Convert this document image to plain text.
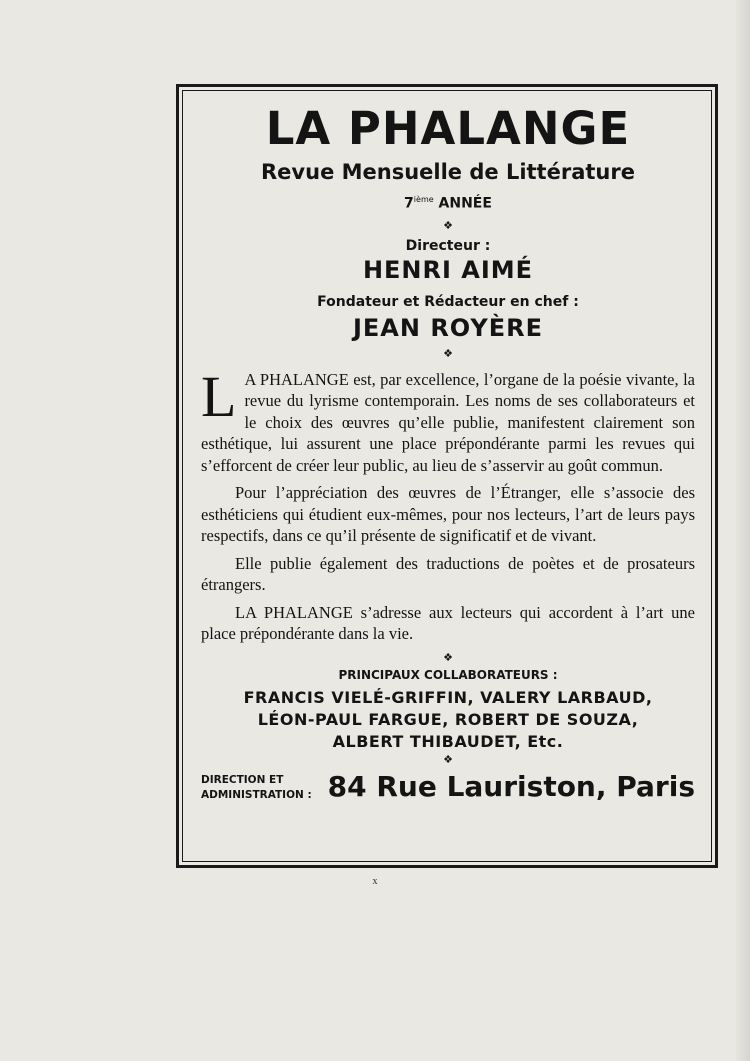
LA PHALANGE
Revue Mensuelle de Littérature
7ième ANNÉE
❖
Directeur :
HENRI AIMÉ
Fondateur et Rédacteur en chef :
JEAN ROYÈRE
❖

L A PHALANGE est, par excellence, l’organe de la poésie vivante, la revue du lyrisme contemporain. Les noms de ses collaborateurs et le choix des œuvres qu’elle publie, manifestent clairement son esthétique, lui assurent une place prépondérante parmi les revues qui s’efforcent de créer leur public, au lieu de s’asservir au goût commun.

Pour l’appréciation des œuvres de l’Étranger, elle s’associe des esthéticiens qui étudient eux-mêmes, pour nos lecteurs, l’art de leurs pays respectifs, dans ce qu’il présente de significatif et de vivant.

Elle publie également des traductions de poètes et de prosateurs étrangers.

LA PHALANGE s’adresse aux lecteurs qui accordent à l’art une place prépondérante dans la vie.

❖
PRINCIPAUX COLLABORATEURS :
FRANCIS VIELÉ-GRIFFIN, VALERY LARBAUD,
LÉON-PAUL FARGUE, ROBERT DE SOUZA,
ALBERT THIBAUDET, Etc.
❖
DIRECTION ET
ADMINISTRATION : 84 Rue Lauriston, Paris
x
